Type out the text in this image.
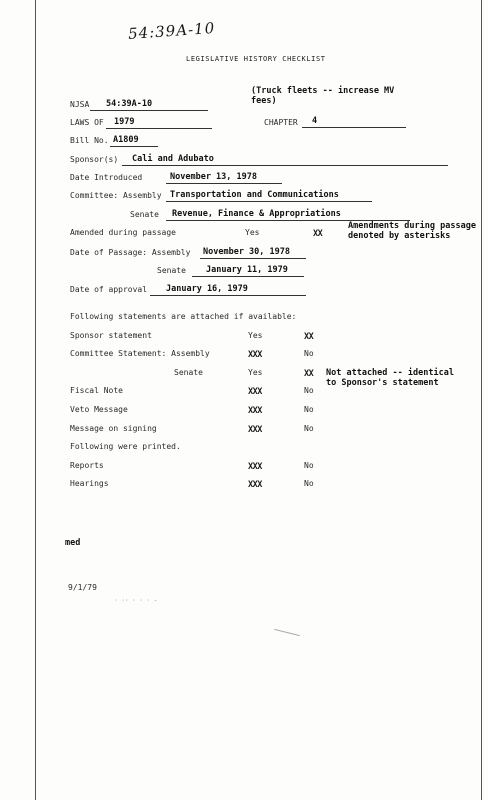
54:39A-10
LEGISLATIVE HISTORY CHECKLIST
(Truck fleets -- increase MV fees)
NJSA 54:39A-10
LAWS OF 1979	CHAPTER 4
Bill No. A1809
Sponsor(s) Cali and Adubato
Date Introduced	November 13, 1978
Committee: Assembly Transportation and Communications
Senate Revenue, Finance & Appropriations
Amended during passage	Yes	XX
Amendments during passage
denoted by asterisks
Date of Passage: Assembly November 30, 1978
Senate January 11, 1979
Date of approval January 16, 1979
Following statements are attached if available:
Sponsor statement	Yes	XX
Committee Statement: Assembly	XXX	No
Senate	Yes	XX Not attached -- identical
to Sponsor's statement
Fiscal Note	XXX	No
Veto Message	XXX	No
Message on signing	XXX	No
Following were printed.
Reports	XXX	No
Hearings	XXX	No
med
9/1/79
· ·· · · · -
